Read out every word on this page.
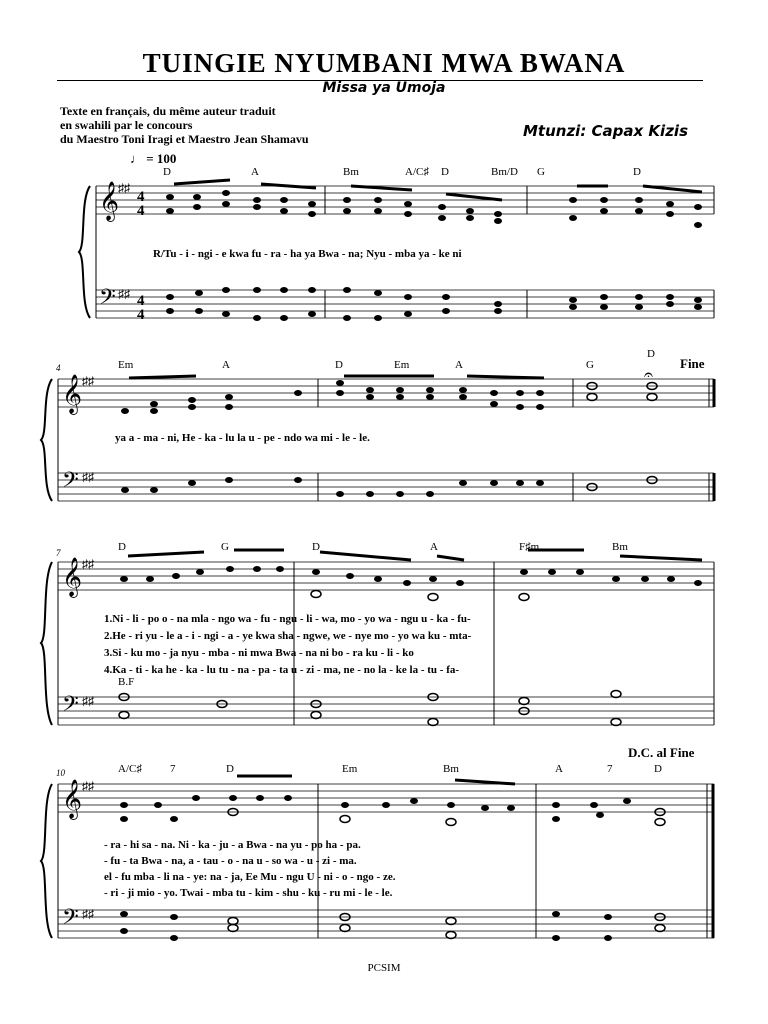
TUINGIE NYUMBANI MWA BWANA
Missa ya Umoja
Texte en français, du même auteur traduit
en swahili par le concours
du Maestro Toni Iragi et Maestro Jean Shamavu	Mtunzi: Capax Kizis
♩ = 100
𝄞
𝄢
♯♯
♯♯
4
4
4
4
D	A	Bm	A/C♯ D	Bm/D G	D
R/Tu - i - ngi - e kwa fu - ra - ha ya Bwa - na; Nyu - mba ya - ke ni
4
𝄞
𝄢
♯♯
♯♯
Em	A	D	Em	A	G
D
Fine
𝄐
ya a - ma - ni, He - ka - lu la u - pe - ndo wa mi - le - le.
7
𝄞
𝄢
♯♯
♯♯
D	G	D	A	F♯m	Bm
B.F
1.Ni - li - po o - na mla - ngo wa - fu - ngu - li - wa, mo - yo wa - ngu u - ka - fu-
2.He - ri yu - le a - i - ngi - a - ye kwa sha - ngwe, we - nye mo - yo wa ku - mta-
3.Si - ku mo - ja nyu - mba - ni mwa Bwa - na ni bo - ra ku - li - ko
4.Ka - ti - ka he - ka - lu tu - na - pa - ta u - zi - ma, ne - no la - ke la - tu - fa-
10
𝄞
𝄢
♯♯
♯♯
A/C♯	7	D	Em	Bm	A	7	D
D.C. al Fine
- ra - hi sa - na. Ni - ka - ju - a Bwa - na yu - po ha - pa.
- fu - ta Bwa - na, a - tau - o - na u - so wa - u - zi - ma.
el - fu mba - li na - ye: na - ja, Ee Mu - ngu U - ni - o - ngo - ze.
- ri - ji mio - yo. Twai - mba tu - kim - shu - ku - ru mi - le - le.
PCSIM
